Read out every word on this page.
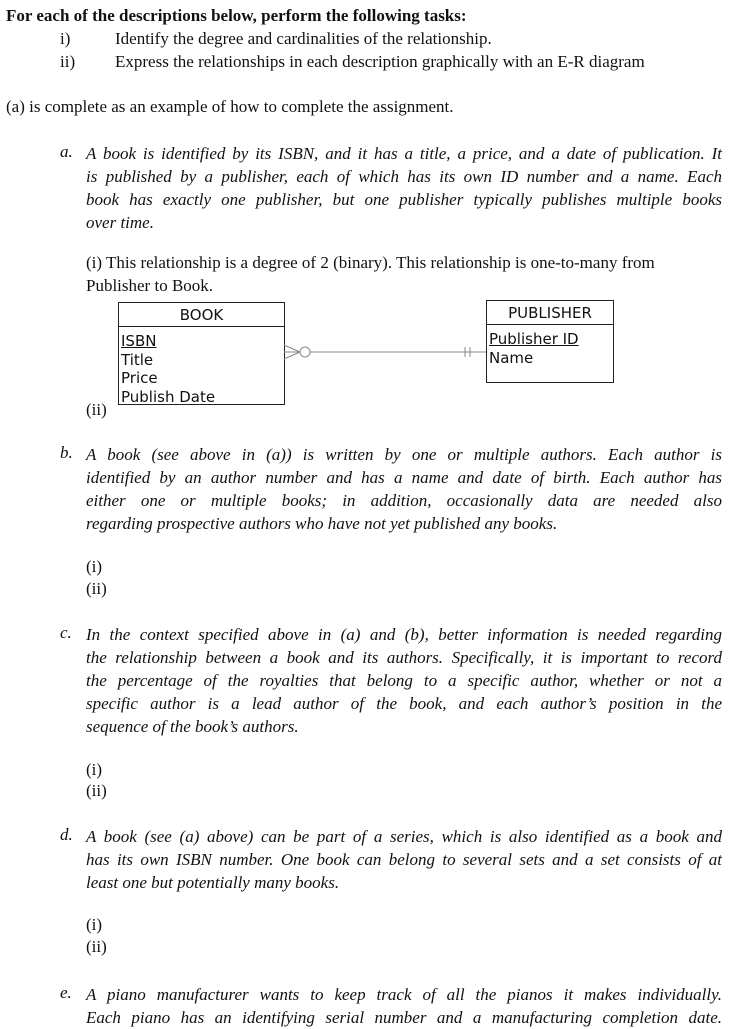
For each of the descriptions below, perform the following tasks:
i)	Identify the degree and cardinalities of the relationship.
ii) Express the relationships in each description graphically with an E-R diagram
(a) is complete as an example of how to complete the assignment.
a. A book is identified by its ISBN, and it has a title, a price, and a date of publication. It
is published by a publisher, each of which has its own ID number and a name. Each
book has exactly one publisher, but one publisher typically publishes multiple books
over time.
(i) This relationship is a degree of 2 (binary). This relationship is one-to-many from
Publisher to Book.
BOOK
ISBN
Title
Price
Publish Date
PUBLISHER
Publisher ID
Name
(ii)
b. A book (see above in (a)) is written by one or multiple authors. Each author is
identified by an author number and has a name and date of birth. Each author has
either one or multiple books; in addition, occasionally data are needed also
regarding prospective authors who have not yet published any books.
(i)
(ii)
c. In the context specified above in (a) and (b), better information is needed regarding
the relationship between a book and its authors. Specifically, it is important to record
the percentage of the royalties that belong to a specific author, whether or not a
specific author is a lead author of the book, and each author’s position in the
sequence of the book’s authors.
(i)
(ii)
d. A book (see (a) above) can be part of a series, which is also identified as a book and
has its own ISBN number. One book can belong to several sets and a set consists of at
least one but potentially many books.
(i)
(ii)
e. A piano manufacturer wants to keep track of all the pianos it makes individually.
Each piano has an identifying serial number and a manufacturing completion date.
